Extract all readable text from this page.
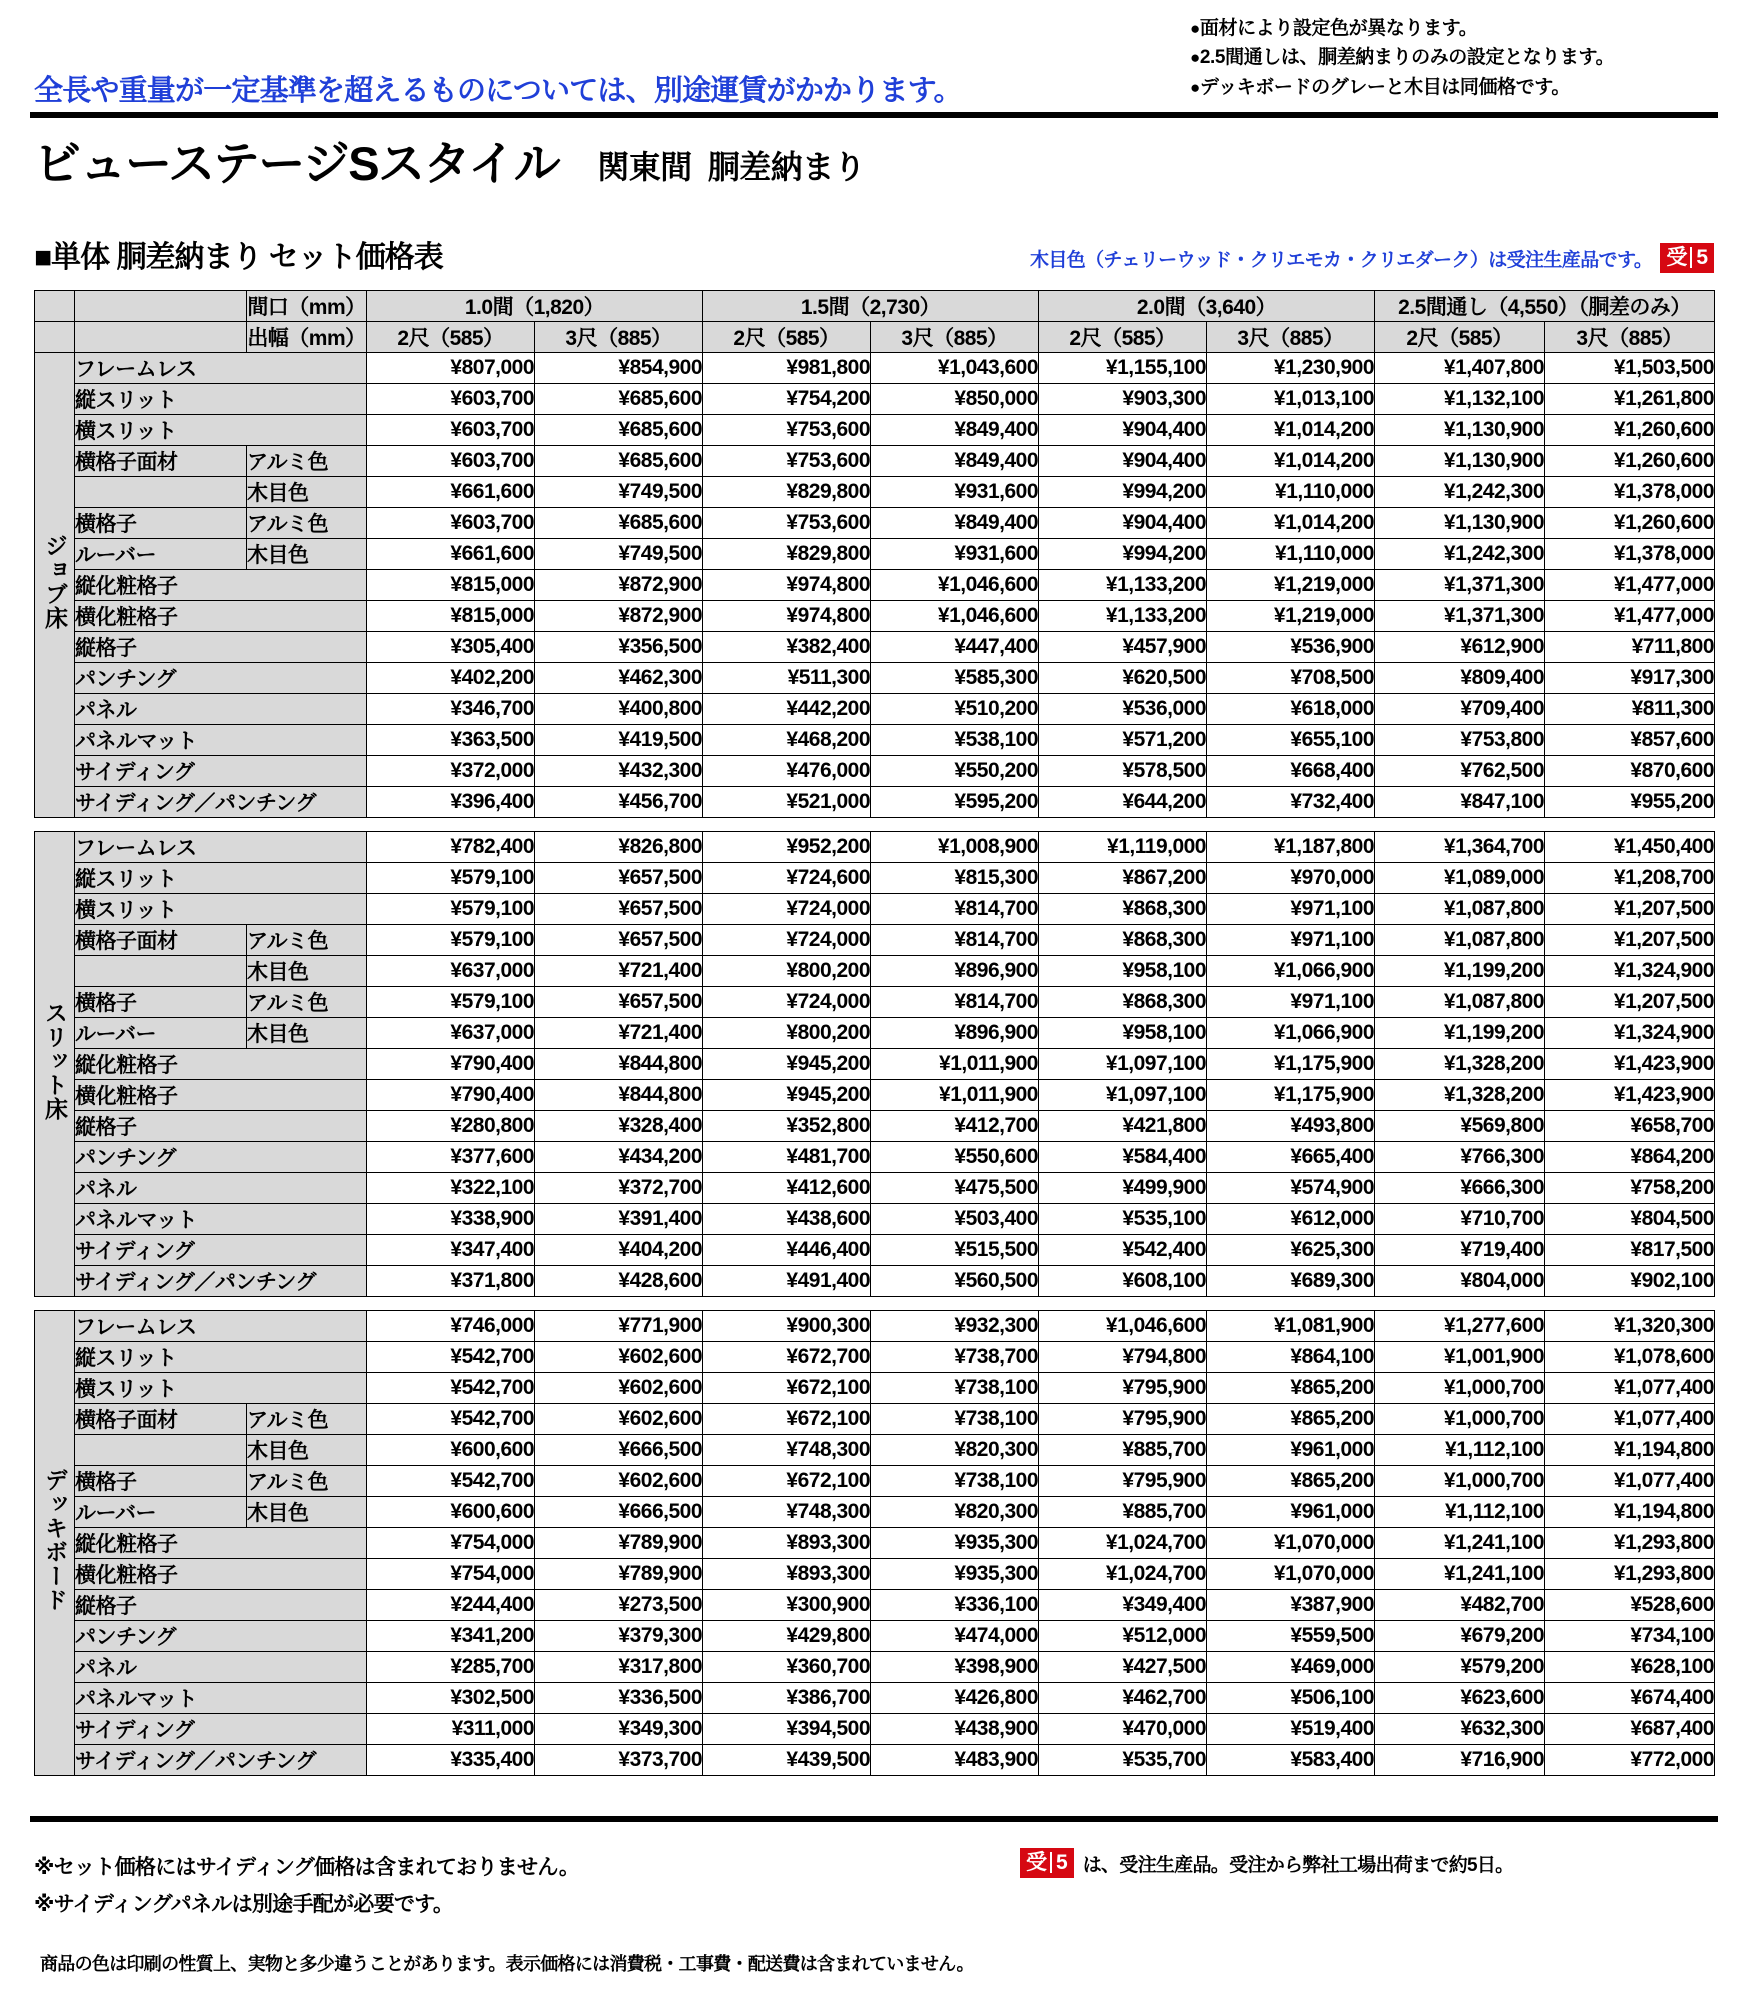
●面材により設定色が異なります。
●2.5間通しは、胴差納まりのみの設定となります。
●デッキボードのグレーと木目は同価格です。
全長や重量が一定基準を超えるものについては、別途運賃がかかります。
ビューステージSスタイル 関東間 胴差納まり
■単体 胴差納まり セット価格表	木目色（チェリーウッド・クリエモカ・クリエダーク）は受注生産品です。 受 5
		間口（mm）	1.0間（1,820）		1.5間（2,730）		2.0間（3,640）		2.5間通し（4,550）（胴差のみ）	
		出幅（mm）	2尺（585）	3尺（885）	2尺（585）	3尺（885）	2尺（585）	3尺（885）	2尺（585）	3尺（885）
ジョブ床	フレームレス		¥807,000	¥854,900	¥981,800	¥1,043,600	¥1,155,100	¥1,230,900	¥1,407,800	¥1,503,500
	縦スリット		¥603,700	¥685,600	¥754,200	¥850,000	¥903,300	¥1,013,100	¥1,132,100	¥1,261,800
	横スリット		¥603,700	¥685,600	¥753,600	¥849,400	¥904,400	¥1,014,200	¥1,130,900	¥1,260,600
	横格子面材	アルミ色	¥603,700	¥685,600	¥753,600	¥849,400	¥904,400	¥1,014,200	¥1,130,900	¥1,260,600
		木目色	¥661,600	¥749,500	¥829,800	¥931,600	¥994,200	¥1,110,000	¥1,242,300	¥1,378,000
	横格子	アルミ色	¥603,700	¥685,600	¥753,600	¥849,400	¥904,400	¥1,014,200	¥1,130,900	¥1,260,600
	ルーバー	木目色	¥661,600	¥749,500	¥829,800	¥931,600	¥994,200	¥1,110,000	¥1,242,300	¥1,378,000
	縦化粧格子		¥815,000	¥872,900	¥974,800	¥1,046,600	¥1,133,200	¥1,219,000	¥1,371,300	¥1,477,000
	横化粧格子		¥815,000	¥872,900	¥974,800	¥1,046,600	¥1,133,200	¥1,219,000	¥1,371,300	¥1,477,000
	縦格子		¥305,400	¥356,500	¥382,400	¥447,400	¥457,900	¥536,900	¥612,900	¥711,800
	パンチング		¥402,200	¥462,300	¥511,300	¥585,300	¥620,500	¥708,500	¥809,400	¥917,300
	パネル		¥346,700	¥400,800	¥442,200	¥510,200	¥536,000	¥618,000	¥709,400	¥811,300
	パネルマット		¥363,500	¥419,500	¥468,200	¥538,100	¥571,200	¥655,100	¥753,800	¥857,600
	サイディング		¥372,000	¥432,300	¥476,000	¥550,200	¥578,500	¥668,400	¥762,500	¥870,600
	サイディング／パンチング		¥396,400	¥456,700	¥521,000	¥595,200	¥644,200	¥732,400	¥847,100	¥955,200

スリット床	フレームレス		¥782,400	¥826,800	¥952,200	¥1,008,900	¥1,119,000	¥1,187,800	¥1,364,700	¥1,450,400
	縦スリット		¥579,100	¥657,500	¥724,600	¥815,300	¥867,200	¥970,000	¥1,089,000	¥1,208,700
	横スリット		¥579,100	¥657,500	¥724,000	¥814,700	¥868,300	¥971,100	¥1,087,800	¥1,207,500
	横格子面材	アルミ色	¥579,100	¥657,500	¥724,000	¥814,700	¥868,300	¥971,100	¥1,087,800	¥1,207,500
		木目色	¥637,000	¥721,400	¥800,200	¥896,900	¥958,100	¥1,066,900	¥1,199,200	¥1,324,900
	横格子	アルミ色	¥579,100	¥657,500	¥724,000	¥814,700	¥868,300	¥971,100	¥1,087,800	¥1,207,500
	ルーバー	木目色	¥637,000	¥721,400	¥800,200	¥896,900	¥958,100	¥1,066,900	¥1,199,200	¥1,324,900
	縦化粧格子		¥790,400	¥844,800	¥945,200	¥1,011,900	¥1,097,100	¥1,175,900	¥1,328,200	¥1,423,900
	横化粧格子		¥790,400	¥844,800	¥945,200	¥1,011,900	¥1,097,100	¥1,175,900	¥1,328,200	¥1,423,900
	縦格子		¥280,800	¥328,400	¥352,800	¥412,700	¥421,800	¥493,800	¥569,800	¥658,700
	パンチング		¥377,600	¥434,200	¥481,700	¥550,600	¥584,400	¥665,400	¥766,300	¥864,200
	パネル		¥322,100	¥372,700	¥412,600	¥475,500	¥499,900	¥574,900	¥666,300	¥758,200
	パネルマット		¥338,900	¥391,400	¥438,600	¥503,400	¥535,100	¥612,000	¥710,700	¥804,500
	サイディング		¥347,400	¥404,200	¥446,400	¥515,500	¥542,400	¥625,300	¥719,400	¥817,500
	サイディング／パンチング		¥371,800	¥428,600	¥491,400	¥560,500	¥608,100	¥689,300	¥804,000	¥902,100

デッキボード	フレームレス		¥746,000	¥771,900	¥900,300	¥932,300	¥1,046,600	¥1,081,900	¥1,277,600	¥1,320,300
	縦スリット		¥542,700	¥602,600	¥672,700	¥738,700	¥794,800	¥864,100	¥1,001,900	¥1,078,600
	横スリット		¥542,700	¥602,600	¥672,100	¥738,100	¥795,900	¥865,200	¥1,000,700	¥1,077,400
	横格子面材	アルミ色	¥542,700	¥602,600	¥672,100	¥738,100	¥795,900	¥865,200	¥1,000,700	¥1,077,400
		木目色	¥600,600	¥666,500	¥748,300	¥820,300	¥885,700	¥961,000	¥1,112,100	¥1,194,800
	横格子	アルミ色	¥542,700	¥602,600	¥672,100	¥738,100	¥795,900	¥865,200	¥1,000,700	¥1,077,400
	ルーバー	木目色	¥600,600	¥666,500	¥748,300	¥820,300	¥885,700	¥961,000	¥1,112,100	¥1,194,800
	縦化粧格子		¥754,000	¥789,900	¥893,300	¥935,300	¥1,024,700	¥1,070,000	¥1,241,100	¥1,293,800
	横化粧格子		¥754,000	¥789,900	¥893,300	¥935,300	¥1,024,700	¥1,070,000	¥1,241,100	¥1,293,800
	縦格子		¥244,400	¥273,500	¥300,900	¥336,100	¥349,400	¥387,900	¥482,700	¥528,600
	パンチング		¥341,200	¥379,300	¥429,800	¥474,000	¥512,000	¥559,500	¥679,200	¥734,100
	パネル		¥285,700	¥317,800	¥360,700	¥398,900	¥427,500	¥469,000	¥579,200	¥628,100
	パネルマット		¥302,500	¥336,500	¥386,700	¥426,800	¥462,700	¥506,100	¥623,600	¥674,400
	サイディング		¥311,000	¥349,300	¥394,500	¥438,900	¥470,000	¥519,400	¥632,300	¥687,400
	サイディング／パンチング		¥335,400	¥373,700	¥439,500	¥483,900	¥535,700	¥583,400	¥716,900	¥772,000
※セット価格にはサイディング価格は含まれておりません。
※サイディングパネルは別途手配が必要です。
商品の色は印刷の性質上、実物と多少違うことがあります。表示価格には消費税・工事費・配送費は含まれていません。
受 5 は、受注生産品。受注から弊社工場出荷まで約5日。
